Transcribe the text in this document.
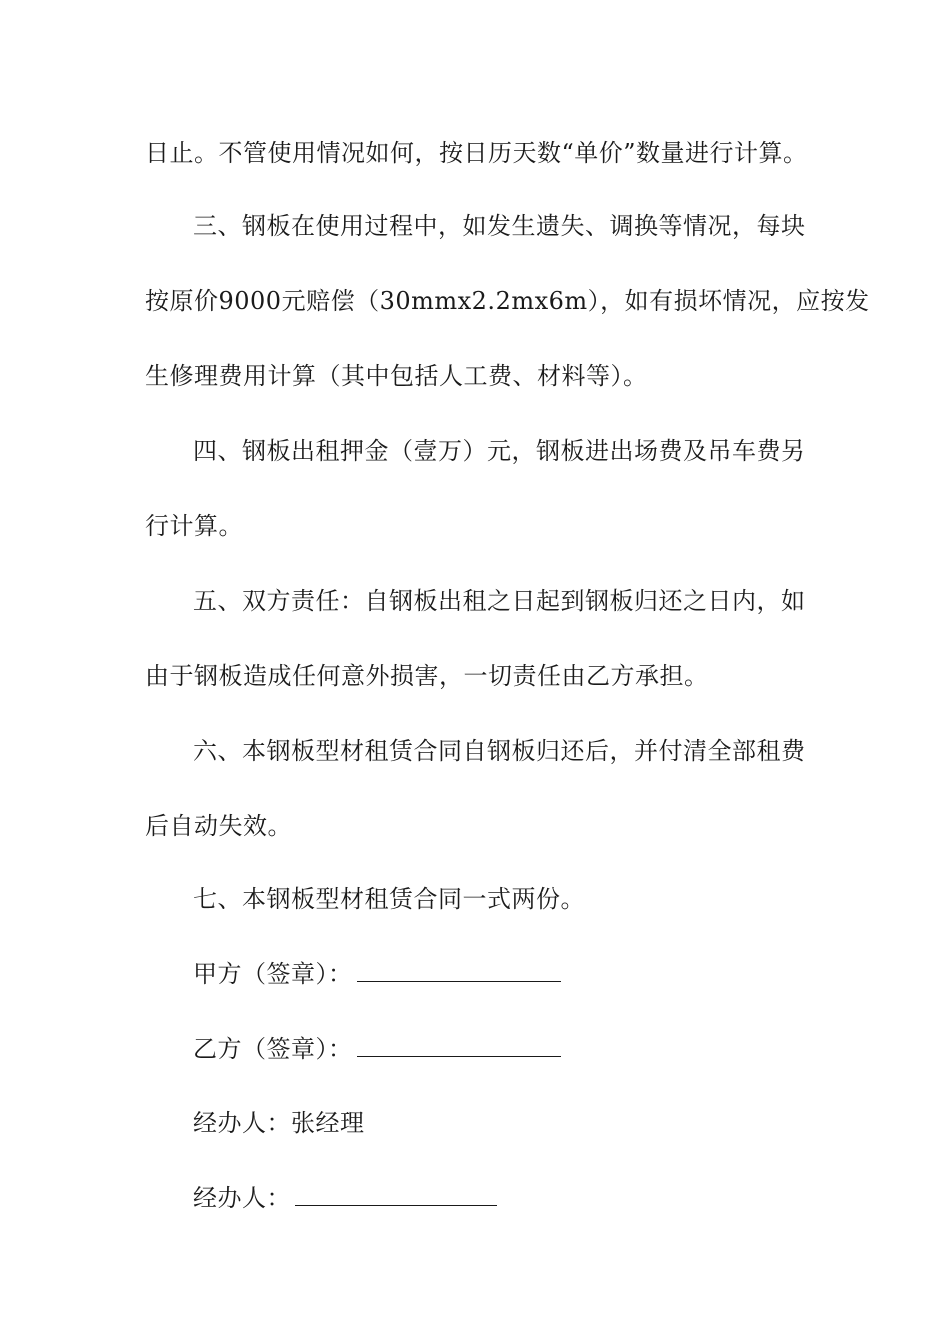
日止。不管使用情况如何，按日历天数“单价”数量进行计算。
三、钢板在使用过程中，如发生遗失、调换等情况，每块
按原价9000元赔偿（30mmx2.2mx6m），如有损坏情况，应按发
生修理费用计算（其中包括人工费、材料等）。
四、钢板出租押金（壹万）元，钢板进出场费及吊车费另
行计算。
五、双方责任：自钢板出租之日起到钢板归还之日内，如
由于钢板造成任何意外损害，一切责任由乙方承担。
六、本钢板型材租赁合同自钢板归还后，并付清全部租费
后自动失效。
七、本钢板型材租赁合同一式两份。
甲方（签章）：
乙方（签章）：
经办人：张经理
经办人：
